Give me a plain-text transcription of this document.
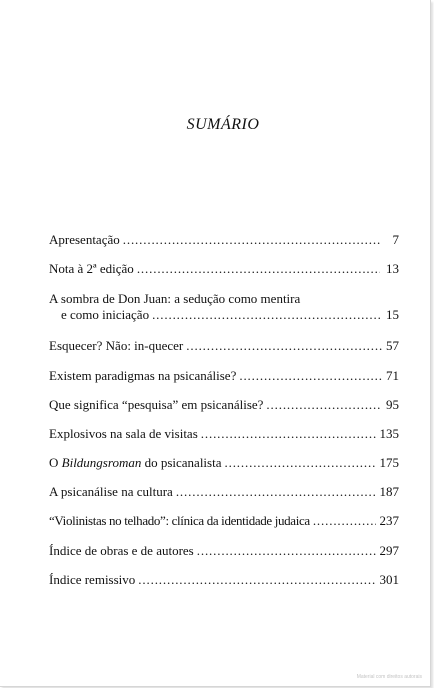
SUMÁRIO
Apresentação . . .	7
Nota à 2ª edição . . .	13
A sombra de Don Juan: a sedução como mentira
e como iniciação . . .	15
Esquecer? Não: in-quecer . . .	57
Existem paradigmas na psicanálise? . . .	71
Que significa “pesquisa” em psicanálise? . . .	95
Explosivos na sala de visitas . . .	135
O Bildungsroman do psicanalista . . .	175
A psicanálise na cultura . . .	187
“Violinistas no telhado”: clínica da identidade judaica . . .	237
Índice de obras e de autores . . .	297
Índice remissivo . . .	301
Material com direitos autorais
